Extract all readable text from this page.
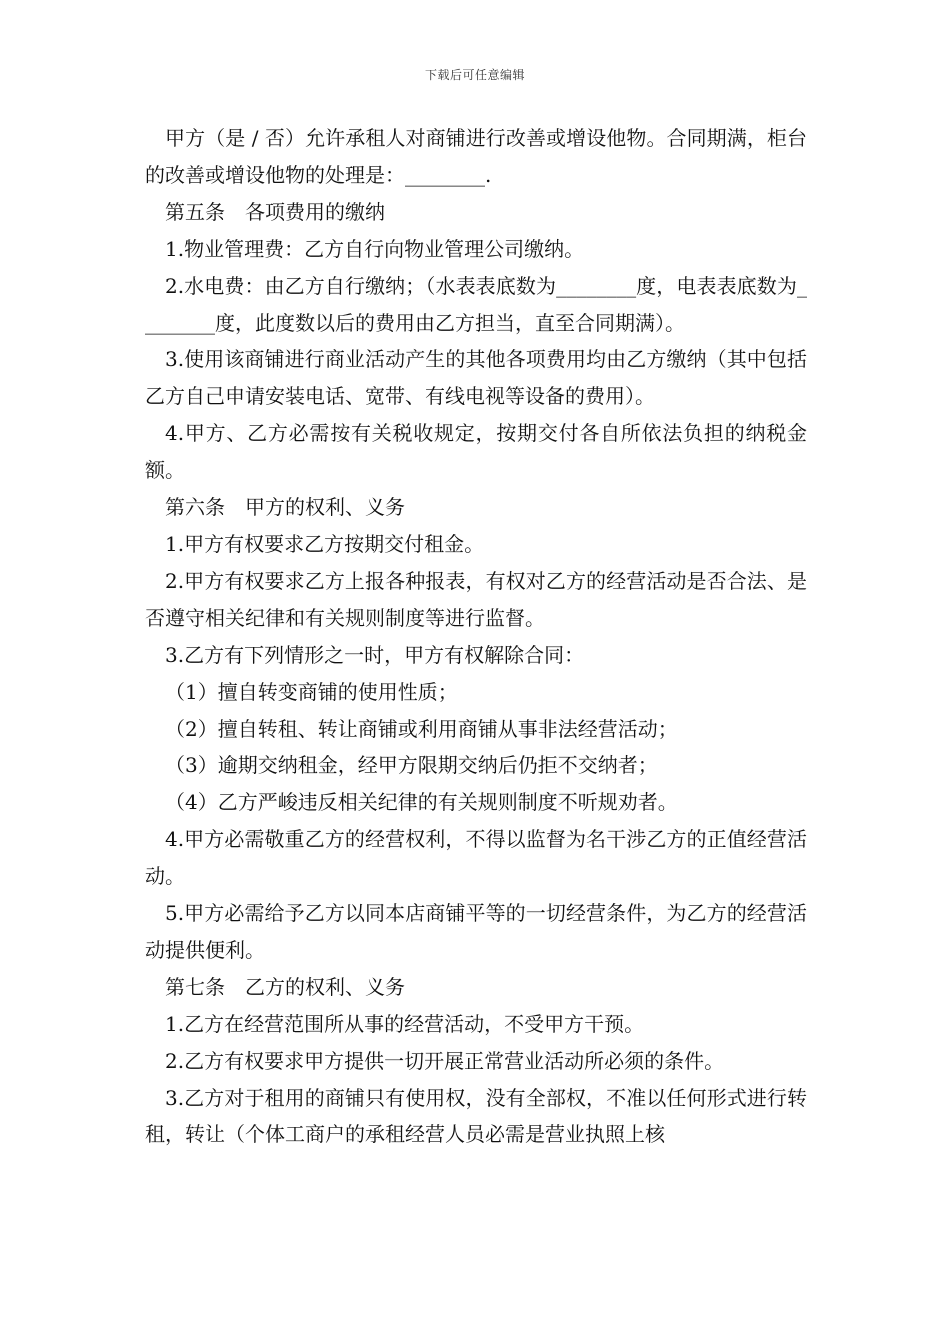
下载后可任意编辑

甲方（是 / 否）允许承租人对商铺进行改善或增设他物。合同期满，柜台的改善或增设他物的处理是：________.

第五条　各项费用的缴纳

1.物业管理费：乙方自行向物业管理公司缴纳。

2.水电费：由乙方自行缴纳；（水表表底数为________度，电表表底数为________度，此度数以后的费用由乙方担当，直至合同期满）。

3.使用该商铺进行商业活动产生的其他各项费用均由乙方缴纳（其中包括乙方自己申请安装电话、宽带、有线电视等设备的费用）。

4.甲方、乙方必需按有关税收规定，按期交付各自所依法负担的纳税金额。

第六条　甲方的权利、义务

1.甲方有权要求乙方按期交付租金。

2.甲方有权要求乙方上报各种报表，有权对乙方的经营活动是否合法、是否遵守相关纪律和有关规则制度等进行监督。

3.乙方有下列情形之一时，甲方有权解除合同：

（1）擅自转变商铺的使用性质；

（2）擅自转租、转让商铺或利用商铺从事非法经营活动；

（3）逾期交纳租金，经甲方限期交纳后仍拒不交纳者；

（4）乙方严峻违反相关纪律的有关规则制度不听规劝者。

4.甲方必需敬重乙方的经营权利，不得以监督为名干涉乙方的正值经营活动。

5.甲方必需给予乙方以同本店商铺平等的一切经营条件，为乙方的经营活动提供便利。

第七条　乙方的权利、义务

1.乙方在经营范围所从事的经营活动，不受甲方干预。

2.乙方有权要求甲方提供一切开展正常营业活动所必须的条件。

3.乙方对于租用的商铺只有使用权，没有全部权，不准以任何形式进行转租，转让（个体工商户的承租经营人员必需是营业执照上核
